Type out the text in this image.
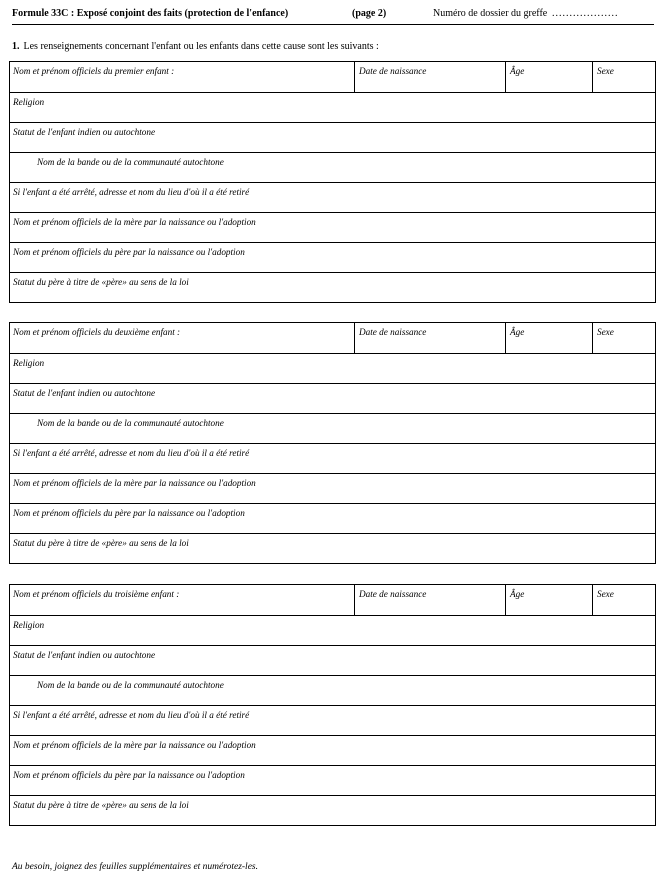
Formule 33C : Exposé conjoint des faits (protection de l'enfance)	(page 2)	Numéro de dossier du greffe ...................
1. Les renseignements concernant l'enfant ou les enfants dans cette cause sont les suivants :
Nom et prénom officiels du premier enfant :	Date de naissance	Âge	Sexe
Religion
Statut de l'enfant indien ou autochtone
Nom de la bande ou de la communauté autochtone
Si l'enfant a été arrêté, adresse et nom du lieu d'où il a été retiré
Nom et prénom officiels de la mère par la naissance ou l'adoption
Nom et prénom officiels du père par la naissance ou l'adoption
Statut du père à titre de «père» au sens de la loi
Nom et prénom officiels du deuxième enfant :	Date de naissance	Âge	Sexe
Religion
Statut de l'enfant indien ou autochtone
Nom de la bande ou de la communauté autochtone
Si l'enfant a été arrêté, adresse et nom du lieu d'où il a été retiré
Nom et prénom officiels de la mère par la naissance ou l'adoption
Nom et prénom officiels du père par la naissance ou l'adoption
Statut du père à titre de «père» au sens de la loi
Nom et prénom officiels du troisième enfant :	Date de naissance	Âge	Sexe
Religion
Statut de l'enfant indien ou autochtone
Nom de la bande ou de la communauté autochtone
Si l'enfant a été arrêté, adresse et nom du lieu d'où il a été retiré
Nom et prénom officiels de la mère par la naissance ou l'adoption
Nom et prénom officiels du père par la naissance ou l'adoption
Statut du père à titre de «père» au sens de la loi
Au besoin, joignez des feuilles supplémentaires et numérotez-les.
